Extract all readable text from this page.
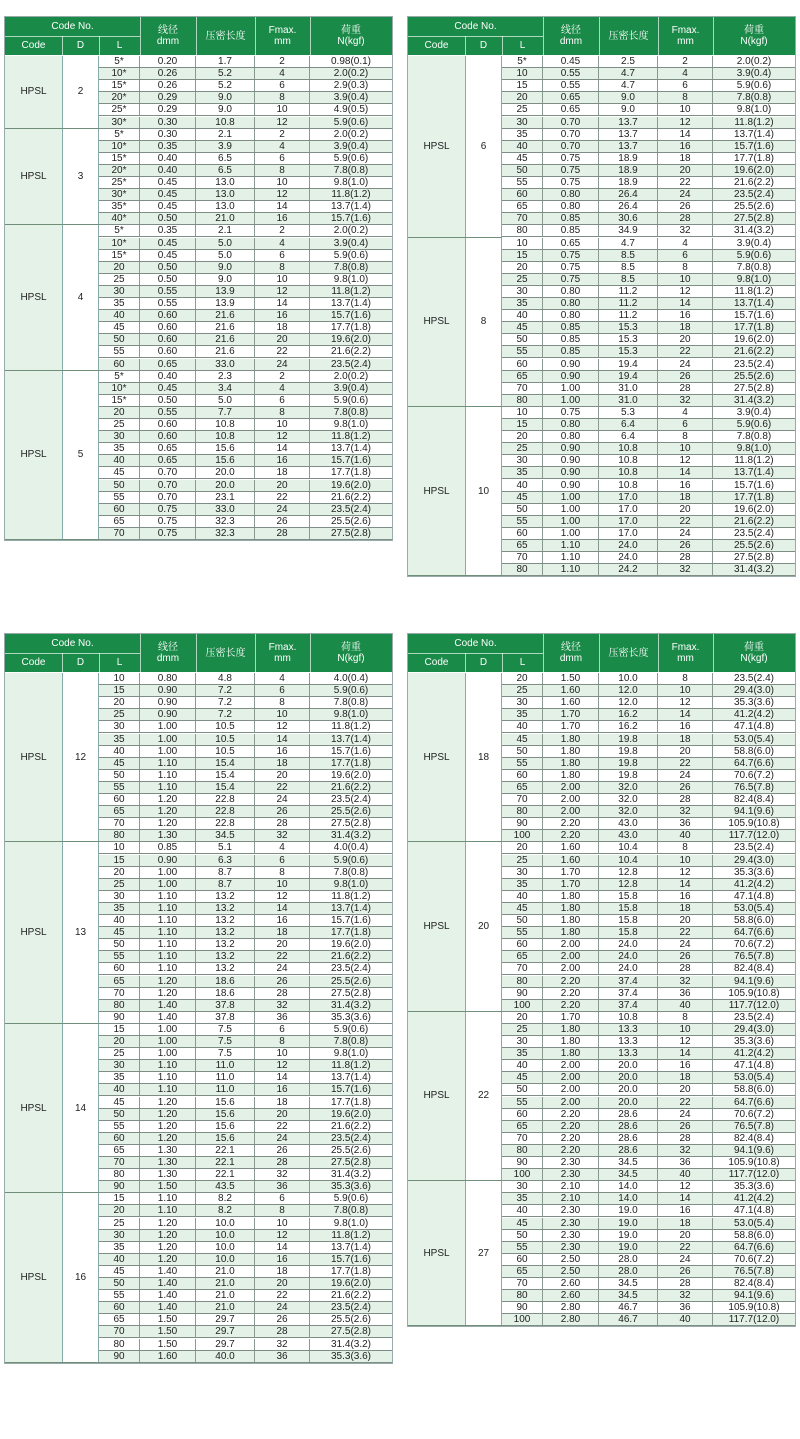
Code No.
Code	D	L
线径
dmm	压密长度	Fmax.
mm
荷重
N(kgf)
HPSL	2
5*	0.20	1.7	2	0.98(0.1)
10*	0.26	5.2	4	2.0(0.2)
15*	0.26	5.2	6	2.9(0.3)
20*	0.29	9.0	8	3.9(0.4)
25*	0.29	9.0	10	4.9(0.5)
30*	0.30	10.8	12	5.9(0.6)
HPSL	3
5*	0.30	2.1	2	2.0(0.2)
10*	0.35	3.9	4	3.9(0.4)
15*	0.40	6.5	6	5.9(0.6)
20*	0.40	6.5	8	7.8(0.8)
25*	0.45	13.0	10	9.8(1.0)
30*	0.45	13.0	12	11.8(1.2)
35*	0.45	13.0	14	13.7(1.4)
40*	0.50	21.0	16	15.7(1.6)
HPSL	4
5*	0.35	2.1	2	2.0(0.2)
10*	0.45	5.0	4	3.9(0.4)
15*	0.45	5.0	6	5.9(0.6)
20	0.50	9.0	8	7.8(0.8)
25	0.50	9.0	10	9.8(1.0)
30	0.55	13.9	12	11.8(1.2)
35	0.55	13.9	14	13.7(1.4)
40	0.60	21.6	16	15.7(1.6)
45	0.60	21.6	18	17.7(1.8)
50	0.60	21.6	20	19.6(2.0)
55	0.60	21.6	22	21.6(2.2)
60	0.65	33.0	24	23.5(2.4)
HPSL	5
5*	0.40	2.3	2	2.0(0.2)
10*	0.45	3.4	4	3.9(0.4)
15*	0.50	5.0	6	5.9(0.6)
20	0.55	7.7	8	7.8(0.8)
25	0.60	10.8	10	9.8(1.0)
30	0.60	10.8	12	11.8(1.2)
35	0.65	15.6	14	13.7(1.4)
40	0.65	15.6	16	15.7(1.6)
45	0.70	20.0	18	17.7(1.8)
50	0.70	20.0	20	19.6(2.0)
55	0.70	23.1	22	21.6(2.2)
60	0.75	33.0	24	23.5(2.4)
65	0.75	32.3	26	25.5(2.6)
70	0.75	32.3	28	27.5(2.8)
Code No.
Code	D	L
线径
dmm	压密长度	Fmax.
mm
荷重
N(kgf)
HPSL	6
5*	0.45	2.5	2	2.0(0.2)
10	0.55	4.7	4	3.9(0.4)
15	0.55	4.7	6	5.9(0.6)
20	0.65	9.0	8	7.8(0.8)
25	0.65	9.0	10	9.8(1.0)
30	0.70	13.7	12	11.8(1.2)
35	0.70	13.7	14	13.7(1.4)
40	0.70	13.7	16	15.7(1.6)
45	0.75	18.9	18	17.7(1.8)
50	0.75	18.9	20	19.6(2.0)
55	0.75	18.9	22	21.6(2.2)
60	0.80	26.4	24	23.5(2.4)
65	0.80	26.4	26	25.5(2.6)
70	0.85	30.6	28	27.5(2.8)
80	0.85	34.9	32	31.4(3.2)
HPSL	8
10	0.65	4.7	4	3.9(0.4)
15	0.75	8.5	6	5.9(0.6)
20	0.75	8.5	8	7.8(0.8)
25	0.75	8.5	10	9.8(1.0)
30	0.80	11.2	12	11.8(1.2)
35	0.80	11.2	14	13.7(1.4)
40	0.80	11.2	16	15.7(1.6)
45	0.85	15.3	18	17.7(1.8)
50	0.85	15.3	20	19.6(2.0)
55	0.85	15.3	22	21.6(2.2)
60	0.90	19.4	24	23.5(2.4)
65	0.90	19.4	26	25.5(2.6)
70	1.00	31.0	28	27.5(2.8)
80	1.00	31.0	32	31.4(3.2)
HPSL	10
10	0.75	5.3	4	3.9(0.4)
15	0.80	6.4	6	5.9(0.6)
20	0.80	6.4	8	7.8(0.8)
25	0.90	10.8	10	9.8(1.0)
30	0.90	10.8	12	11.8(1.2)
35	0.90	10.8	14	13.7(1.4)
40	0.90	10.8	16	15.7(1.6)
45	1.00	17.0	18	17.7(1.8)
50	1.00	17.0	20	19.6(2.0)
55	1.00	17.0	22	21.6(2.2)
60	1.00	17.0	24	23.5(2.4)
65	1.10	24.0	26	25.5(2.6)
70	1.10	24.0	28	27.5(2.8)
80	1.10	24.2	32	31.4(3.2)
Code No.
Code	D	L
线径
dmm	压密长度	Fmax.
mm
荷重
N(kgf)
HPSL	12
10	0.80	4.8	4	4.0(0.4)
15	0.90	7.2	6	5.9(0.6)
20	0.90	7.2	8	7.8(0.8)
25	0.90	7.2	10	9.8(1.0)
30	1.00	10.5	12	11.8(1.2)
35	1.00	10.5	14	13.7(1.4)
40	1.00	10.5	16	15.7(1.6)
45	1.10	15.4	18	17.7(1.8)
50	1.10	15.4	20	19.6(2.0)
55	1.10	15.4	22	21.6(2.2)
60	1.20	22.8	24	23.5(2.4)
65	1.20	22.8	26	25.5(2.6)
70	1.20	22.8	28	27.5(2.8)
80	1.30	34.5	32	31.4(3.2)
HPSL	13
10	0.85	5.1	4	4.0(0.4)
15	0.90	6.3	6	5.9(0.6)
20	1.00	8.7	8	7.8(0.8)
25	1.00	8.7	10	9.8(1.0)
30	1.10	13.2	12	11.8(1.2)
35	1.10	13.2	14	13.7(1.4)
40	1.10	13.2	16	15.7(1.6)
45	1.10	13.2	18	17.7(1.8)
50	1.10	13.2	20	19.6(2.0)
55	1.10	13.2	22	21.6(2.2)
60	1.10	13.2	24	23.5(2.4)
65	1.20	18.6	26	25.5(2.6)
70	1.20	18.6	28	27.5(2.8)
80	1.40	37.8	32	31.4(3.2)
90	1.40	37.8	36	35.3(3.6)
HPSL	14
15	1.00	7.5	6	5.9(0.6)
20	1.00	7.5	8	7.8(0.8)
25	1.00	7.5	10	9.8(1.0)
30	1.10	11.0	12	11.8(1.2)
35	1.10	11.0	14	13.7(1.4)
40	1.10	11.0	16	15.7(1.6)
45	1.20	15.6	18	17.7(1.8)
50	1.20	15.6	20	19.6(2.0)
55	1.20	15.6	22	21.6(2.2)
60	1.20	15.6	24	23.5(2.4)
65	1.30	22.1	26	25.5(2.6)
70	1.30	22.1	28	27.5(2.8)
80	1.30	22.1	32	31.4(3.2)
90	1.50	43.5	36	35.3(3.6)
HPSL	16
15	1.10	8.2	6	5.9(0.6)
20	1.10	8.2	8	7.8(0.8)
25	1.20	10.0	10	9.8(1.0)
30	1.20	10.0	12	11.8(1.2)
35	1.20	10.0	14	13.7(1.4)
40	1.20	10.0	16	15.7(1.6)
45	1.40	21.0	18	17.7(1.8)
50	1.40	21.0	20	19.6(2.0)
55	1.40	21.0	22	21.6(2.2)
60	1.40	21.0	24	23.5(2.4)
65	1.50	29.7	26	25.5(2.6)
70	1.50	29.7	28	27.5(2.8)
80	1.50	29.7	32	31.4(3.2)
90	1.60	40.0	36	35.3(3.6)
Code No.
Code	D	L
线径
dmm	压密长度	Fmax.
mm
荷重
N(kgf)
HPSL	18
20	1.50	10.0	8	23.5(2.4)
25	1.60	12.0	10	29.4(3.0)
30	1.60	12.0	12	35.3(3.6)
35	1.70	16.2	14	41.2(4.2)
40	1.70	16.2	16	47.1(4.8)
45	1.80	19.8	18	53.0(5.4)
50	1.80	19.8	20	58.8(6.0)
55	1.80	19.8	22	64.7(6.6)
60	1.80	19.8	24	70.6(7.2)
65	2.00	32.0	26	76.5(7.8)
70	2.00	32.0	28	82.4(8.4)
80	2.00	32.0	32	94.1(9.6)
90	2.20	43.0	36	105.9(10.8)
100	2.20	43.0	40	117.7(12.0)
HPSL	20
20	1.60	10.4	8	23.5(2.4)
25	1.60	10.4	10	29.4(3.0)
30	1.70	12.8	12	35.3(3.6)
35	1.70	12.8	14	41.2(4.2)
40	1.80	15.8	16	47.1(4.8)
45	1.80	15.8	18	53.0(5.4)
50	1.80	15.8	20	58.8(6.0)
55	1.80	15.8	22	64.7(6.6)
60	2.00	24.0	24	70.6(7.2)
65	2.00	24.0	26	76.5(7.8)
70	2.00	24.0	28	82.4(8.4)
80	2.20	37.4	32	94.1(9.6)
90	2.20	37.4	36	105.9(10.8)
100	2.20	37.4	40	117.7(12.0)
HPSL	22
20	1.70	10.8	8	23.5(2.4)
25	1.80	13.3	10	29.4(3.0)
30	1.80	13.3	12	35.3(3.6)
35	1.80	13.3	14	41.2(4.2)
40	2.00	20.0	16	47.1(4.8)
45	2.00	20.0	18	53.0(5.4)
50	2.00	20.0	20	58.8(6.0)
55	2.00	20.0	22	64.7(6.6)
60	2.20	28.6	24	70.6(7.2)
65	2.20	28.6	26	76.5(7.8)
70	2.20	28.6	28	82.4(8.4)
80	2.20	28.6	32	94.1(9.6)
90	2.30	34.5	36	105.9(10.8)
100	2.30	34.5	40	117.7(12.0)
HPSL	27
30	2.10	14.0	12	35.3(3.6)
35	2.10	14.0	14	41.2(4.2)
40	2.30	19.0	16	47.1(4.8)
45	2.30	19.0	18	53.0(5.4)
50	2.30	19.0	20	58.8(6.0)
55	2.30	19.0	22	64.7(6.6)
60	2.50	28.0	24	70.6(7.2)
65	2.50	28.0	26	76.5(7.8)
70	2.60	34.5	28	82.4(8.4)
80	2.60	34.5	32	94.1(9.6)
90	2.80	46.7	36	105.9(10.8)
100	2.80	46.7	40	117.7(12.0)
